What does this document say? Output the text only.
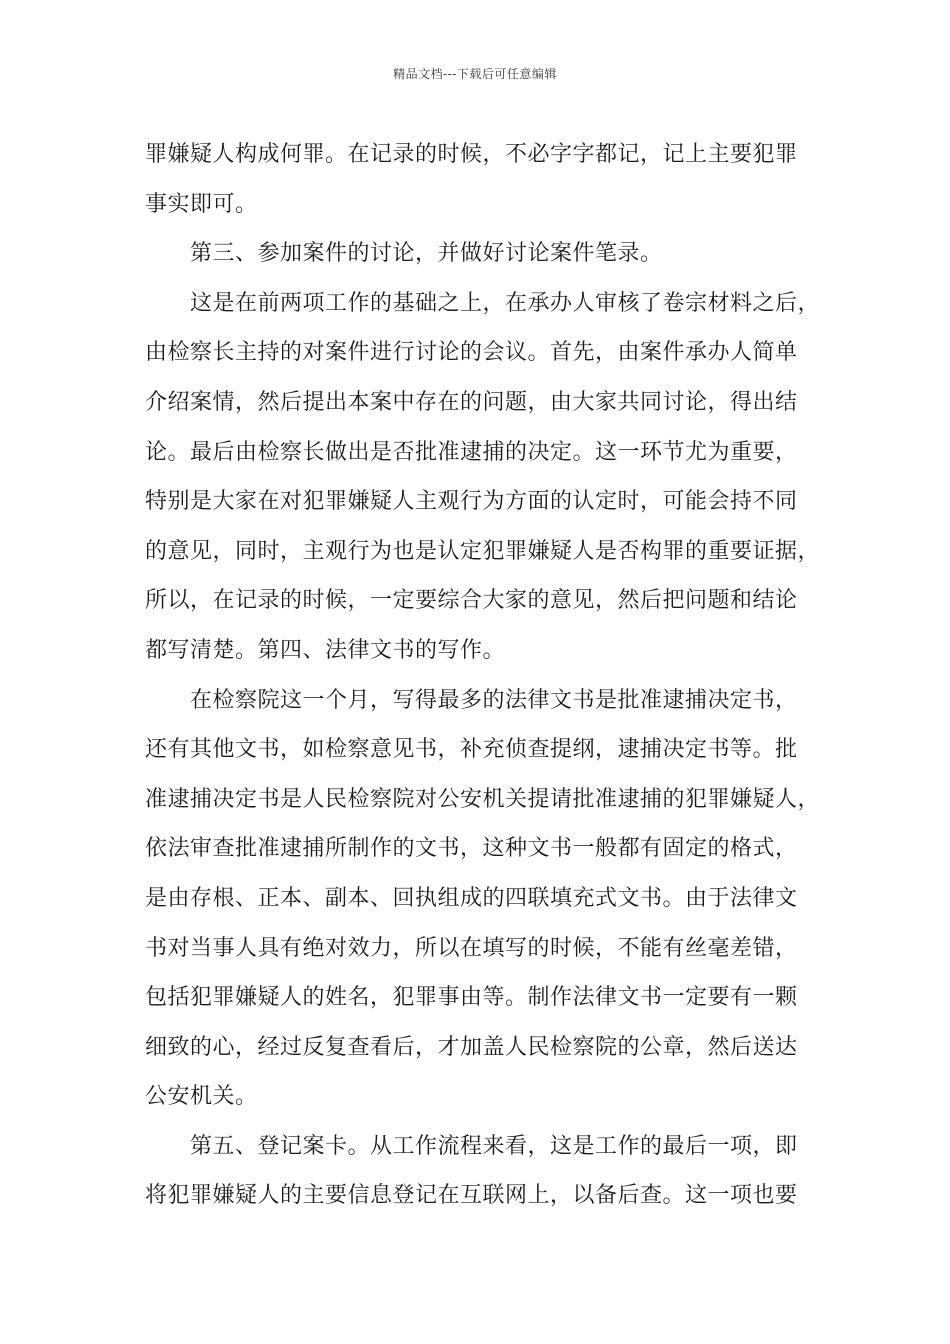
精品文档---下载后可任意编辑
罪嫌疑人构成何罪。在记录的时候，不必字字都记，记上主要犯罪
事实即可。
　　第三、参加案件的讨论，并做好讨论案件笔录。
　　这是在前两项工作的基础之上，在承办人审核了卷宗材料之后，
由检察长主持的对案件进行讨论的会议。首先，由案件承办人简单
介绍案情，然后提出本案中存在的问题，由大家共同讨论，得出结
论。最后由检察长做出是否批准逮捕的决定。这一环节尤为重要，
特别是大家在对犯罪嫌疑人主观行为方面的认定时，可能会持不同
的意见，同时，主观行为也是认定犯罪嫌疑人是否构罪的重要证据，
所以，在记录的时候，一定要综合大家的意见，然后把问题和结论
都写清楚。第四、法律文书的写作。
　　在检察院这一个月，写得最多的法律文书是批准逮捕决定书，
还有其他文书，如检察意见书，补充侦查提纲，逮捕决定书等。批
准逮捕决定书是人民检察院对公安机关提请批准逮捕的犯罪嫌疑人，
依法审查批准逮捕所制作的文书，这种文书一般都有固定的格式，
是由存根、正本、副本、回执组成的四联填充式文书。由于法律文
书对当事人具有绝对效力，所以在填写的时候，不能有丝毫差错，
包括犯罪嫌疑人的姓名，犯罪事由等。制作法律文书一定要有一颗
细致的心，经过反复查看后，才加盖人民检察院的公章，然后送达
公安机关。
　　第五、登记案卡。从工作流程来看，这是工作的最后一项，即
将犯罪嫌疑人的主要信息登记在互联网上，以备后查。这一项也要
